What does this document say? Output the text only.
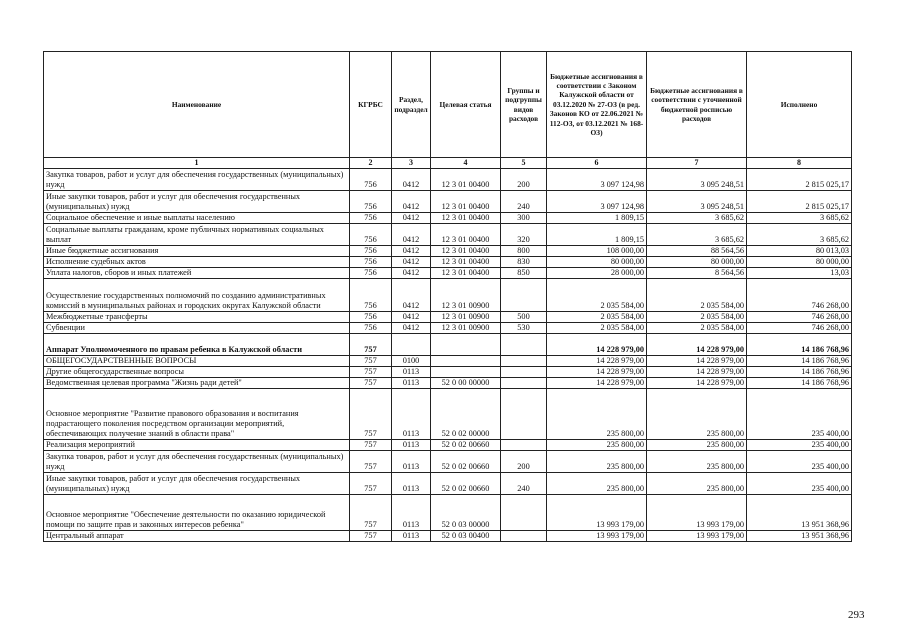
Наименование	КГРБС	Раздел, подраздел	Целевая статья	Группы и подгруппы видов расходов	Бюджетные ассигнования в соответствии с Законом Калужской области от 03.12.2020 № 27-ОЗ (в ред. Законов КО от 22.06.2021 № 112-ОЗ, от 03.12.2021 № 168-ОЗ)	Бюджетные ассигнования в соответствии с уточненной бюджетной росписью расходов	Исполнено
1	2	3	4	5	6	7	8
Закупка товаров, работ и услуг для обеспечения государственных (муниципальных) нужд	756	0412	12 3 01 00400	200	3 097 124,98	3 095 248,51	2 815 025,17
Иные закупки товаров, работ и услуг для обеспечения государственных (муниципальных) нужд	756	0412	12 3 01 00400	240	3 097 124,98	3 095 248,51	2 815 025,17
Социальное обеспечение и иные выплаты населению	756	0412	12 3 01 00400	300	1 809,15	3 685,62	3 685,62
Социальные выплаты гражданам, кроме публичных нормативных социальных выплат	756	0412	12 3 01 00400	320	1 809,15	3 685,62	3 685,62
Иные бюджетные ассигнования	756	0412	12 3 01 00400	800	108 000,00	88 564,56	80 013,03
Исполнение судебных актов	756	0412	12 3 01 00400	830	80 000,00	80 000,00	80 000,00
Уплата налогов, сборов и иных платежей	756	0412	12 3 01 00400	850	28 000,00	8 564,56	13,03
Осуществление государственных полномочий по созданию административных комиссий в муниципальных районах и городских округах Калужской области	756	0412	12 3 01 00900		2 035 584,00	2 035 584,00	746 268,00
Межбюджетные трансферты	756	0412	12 3 01 00900	500	2 035 584,00	2 035 584,00	746 268,00
Субвенции	756	0412	12 3 01 00900	530	2 035 584,00	2 035 584,00	746 268,00
Аппарат Уполномоченного по правам ребенка в Калужской области	757				14 228 979,00	14 228 979,00	14 186 768,96
ОБЩЕГОСУДАРСТВЕННЫЕ ВОПРОСЫ	757	0100			14 228 979,00	14 228 979,00	14 186 768,96
Другие общегосударственные вопросы	757	0113			14 228 979,00	14 228 979,00	14 186 768,96
Ведомственная целевая программа "Жизнь ради детей"	757	0113	52 0 00 00000		14 228 979,00	14 228 979,00	14 186 768,96
Основное мероприятие "Развитие правового образования и воспитания подрастающего поколения посредством организации мероприятий, обеспечивающих получение знаний в области права"	757	0113	52 0 02 00000		235 800,00	235 800,00	235 400,00
Реализация мероприятий	757	0113	52 0 02 00660		235 800,00	235 800,00	235 400,00
Закупка товаров, работ и услуг для обеспечения государственных (муниципальных) нужд	757	0113	52 0 02 00660	200	235 800,00	235 800,00	235 400,00
Иные закупки товаров, работ и услуг для обеспечения государственных (муниципальных) нужд	757	0113	52 0 02 00660	240	235 800,00	235 800,00	235 400,00
Основное мероприятие "Обеспечение деятельности по оказанию юридической помощи по защите прав и законных интересов ребенка"	757	0113	52 0 03 00000		13 993 179,00	13 993 179,00	13 951 368,96
Центральный аппарат	757	0113	52 0 03 00400		13 993 179,00	13 993 179,00	13 951 368,96
293
